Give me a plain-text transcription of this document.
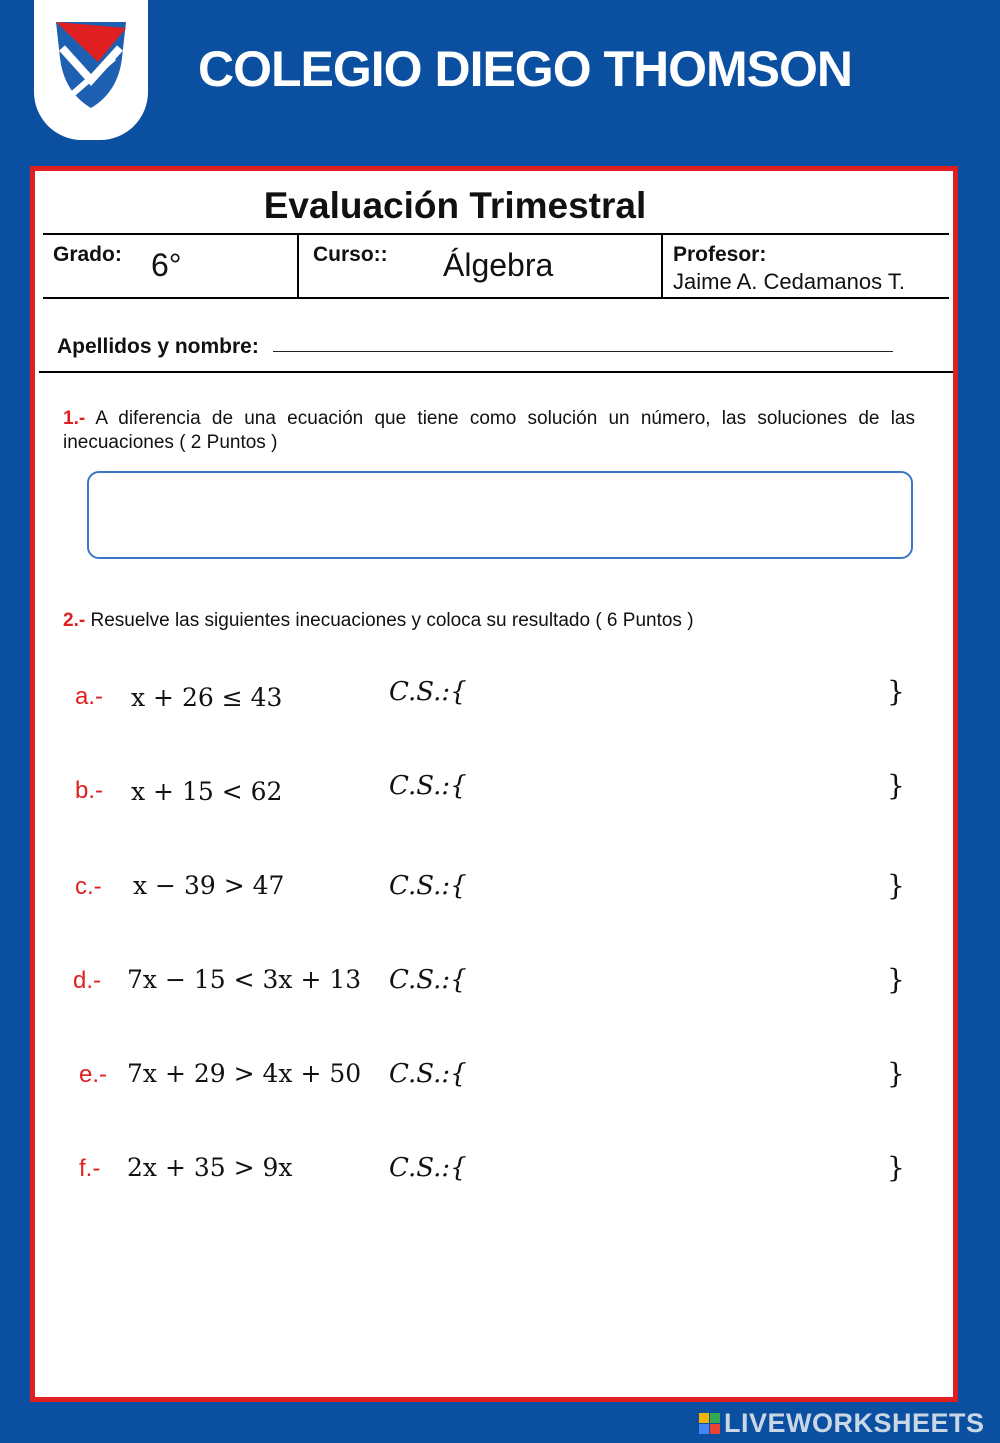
COLEGIO DIEGO THOMSON
Evaluación Trimestral
Grado: 6°	Curso:: Álgebra	Profesor:
Jaime A. Cedamanos T.
Apellidos y nombre:
1.- A diferencia de una ecuación que tiene como solución un número, las soluciones de las inecuaciones ( 2 Puntos )
2.- Resuelve las siguientes inecuaciones y coloca su resultado ( 6 Puntos )
a.- x + 26 ≤ 43	C.S.:{	}
b.- x + 15 < 62	C.S.:{	}
c.- x − 39 > 47	C.S.:{	}
d.- 7x − 15 < 3x + 13 C.S.:{	}
e.- 7x + 29 > 4x + 50 C.S.:{	}
f.- 2x + 35 > 9x	C.S.:{	}
LIVEWORKSHEETS
